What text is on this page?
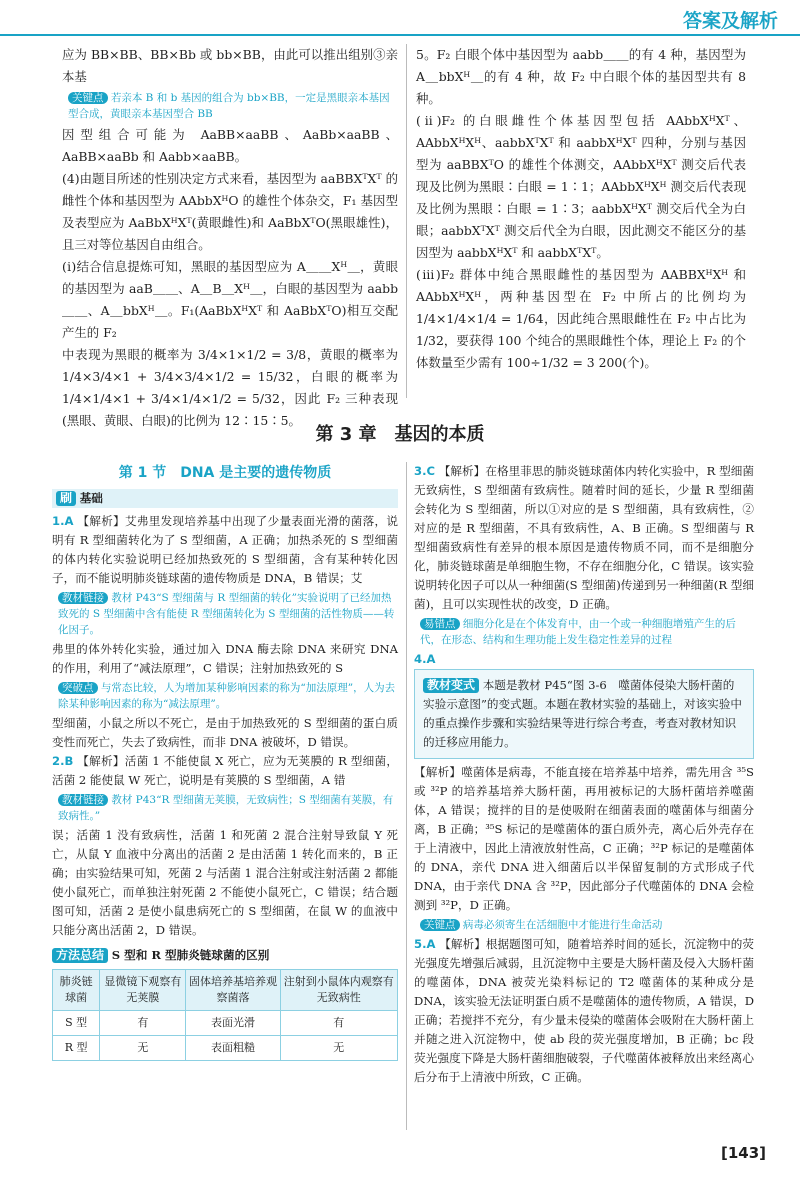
答案及解析

应为 BB×BB、BB×Bb 或 bb×BB，由此可以推出组别③亲本基

关键点 若亲本 B 和 b 基因的组合为 bb×BB，一定是黑眼亲本基因型合成，黄眼亲本基因型合 BB

因型组合可能为 AaBB×aaBB、AaBb×aaBB、AaBB×aaBb 和 Aabb×aaBB。

(4)由题目所述的性别决定方式来看，基因型为 aaBBXᵀXᵀ 的雌性个体和基因型为 AAbbXᴴO 的雄性个体杂交，F₁ 基因型及表型应为 AaBbXᴴXᵀ(黄眼雌性)和 AaBbXᵀO(黑眼雄性)，且三对等位基因自由组合。

(ⅰ)结合信息提炼可知，黑眼的基因型应为 A＿＿Xᴴ＿，黄眼的基因型为 aaB＿＿、A＿B＿Xᴴ＿，白眼的基因型为 aabb＿＿、A＿bbXᴴ＿。F₁(AaBbXᴴXᵀ 和 AaBbXᵀO)相互交配产生的 F₂

中表现为黑眼的概率为 3/4×1×1/2 = 3/8，黄眼的概率为 1/4×3/4×1 + 3/4×3/4×1/2 = 15/32，白眼的概率为 1/4×1/4×1 + 3/4×1/4×1/2 = 5/32，因此 F₂ 三种表现(黑眼、黄眼、白眼)的比例为 12∶15∶5。

5。F₂ 白眼个体中基因型为 aabb＿＿的有 4 种，基因型为 A＿bbXᴴ＿的有 4 种，故 F₂ 中白眼个体的基因型共有 8 种。

(ⅱ)F₂ 的白眼雌性个体基因型包括 AAbbXᴴXᵀ、AAbbXᴴXᴴ、aabbXᵀXᵀ 和 aabbXᴴXᵀ 四种，分别与基因型为 aaBBXᵀO 的雄性个体测交，AAbbXᴴXᵀ 测交后代表现及比例为黑眼∶白眼 = 1∶1；AAbbXᴴXᴴ 测交后代表现及比例为黑眼∶白眼 = 1∶3；aabbXᴴXᵀ 测交后代全为白眼；aabbXᵀXᵀ 测交后代全为白眼，因此测交不能区分的基因型为 aabbXᴴXᵀ 和 aabbXᵀXᵀ。

(ⅲ)F₂ 群体中纯合黑眼雌性的基因型为 AABBXᴴXᴴ 和 AAbbXᴴXᴴ，两种基因型在 F₂ 中所占的比例均为 1/4×1/4×1/4 = 1/64，因此纯合黑眼雌性在 F₂ 中占比为 1/32，要获得 100 个纯合的黑眼雌性个体，理论上 F₂ 的个体数量至少需有 100÷1/32 = 3 200(个)。

第 3 章　基因的本质
第 1 节　DNA 是主要的遗传物质
刷 基础

1.A 【解析】艾弗里发现培养基中出现了少量表面光滑的菌落，说明有 R 型细菌转化为了 S 型细菌，A 正确；加热杀死的 S 型细菌的体内转化实验说明已经加热致死的 S 型细菌，含有某种转化因子，而不能说明肺炎链球菌的遗传物质是 DNA，B 错误；艾

教材链接 教材 P43“S 型细菌与 R 型细菌的转化”实验说明了已经加热致死的 S 型细菌中含有能使 R 型细菌转化为 S 型细菌的活性物质——转化因子。

弗里的体外转化实验，通过加入 DNA 酶去除 DNA 来研究 DNA 的作用，利用了“减法原理”，C 错误；注射加热致死的 S

突破点 与常态比较，人为增加某种影响因素的称为“加法原理”，人为去除某种影响因素的称为“减法原理”。

型细菌，小鼠之所以不死亡，是由于加热致死的 S 型细菌的蛋白质变性而死亡，失去了致病性，而非 DNA 被破坏，D 错误。

2.B 【解析】活菌 1 不能使鼠 X 死亡，应为无荚膜的 R 型细菌，活菌 2 能使鼠 W 死亡，说明是有荚膜的 S 型细菌，A 错

教材链接 教材 P43“R 型细菌无荚膜，无致病性；S 型细菌有荚膜，有致病性。”

误；活菌 1 没有致病性，活菌 1 和死菌 2 混合注射导致鼠 Y 死亡，从鼠 Y 血液中分离出的活菌 2 是由活菌 1 转化而来的，B 正确；由实验结果可知，死菌 2 与活菌 1 混合注射或注射活菌 2 都能使小鼠死亡，而单独注射死菌 2 不能使小鼠死亡，C 错误；结合题图可知，活菌 2 是使小鼠患病死亡的 S 型细菌，在鼠 W 的血液中只能分离出活菌 2，D 错误。

方法总结 S 型和 R 型肺炎链球菌的区别
肺炎链球菌	显微镜下观察有无荚膜	固体培养基培养观察菌落	注射到小鼠体内观察有无致病性
S 型	有	表面光滑	有
R 型	无	表面粗糙	无

3.C 【解析】在格里菲思的肺炎链球菌体内转化实验中，R 型细菌无致病性，S 型细菌有致病性。随着时间的延长，少量 R 型细菌会转化为 S 型细菌，所以①对应的是 S 型细菌，具有致病性，②对应的是 R 型细菌，不具有致病性，A、B 正确。S 型细菌与 R 型细菌致病性有差异的根本原因是遗传物质不同，而不是细胞分化，肺炎链球菌是单细胞生物，不存在细胞分化，C 错误。该实验说明转化因子可以从一种细菌(S 型细菌)传递到另一种细菌(R 型细菌)，且可以实现性状的改变，D 正确。

易错点 细胞分化是在个体发育中，由一个或一种细胞增殖产生的后代，在形态、结构和生理功能上发生稳定性差异的过程

4.A

教材变式 本题是教材 P45“图 3-6　噬菌体侵染大肠杆菌的实验示意图”的变式题。本题在教材实验的基础上，对该实验中的重点操作步骤和实验结果等进行综合考查，考查对教材知识的迁移应用能力。

【解析】噬菌体是病毒，不能直接在培养基中培养，需先用含 ³⁵S 或 ³²P 的培养基培养大肠杆菌，再用被标记的大肠杆菌培养噬菌体，A 错误；搅拌的目的是使吸附在细菌表面的噬菌体与细菌分离，B 正确；³⁵S 标记的是噬菌体的蛋白质外壳，离心后外壳存在于上清液中，因此上清液放射性高，C 正确；³²P 标记的是噬菌体的 DNA，亲代 DNA 进入细菌后以半保留复制的方式形成子代 DNA，由于亲代 DNA 含 ³²P，因此部分子代噬菌体的 DNA 会检测到 ³²P，D 正确。

关键点 病毒必须寄生在活细胞中才能进行生命活动

5.A 【解析】根据题图可知，随着培养时间的延长，沉淀物中的荧光强度先增强后减弱，且沉淀物中主要是大肠杆菌及侵入大肠杆菌的噬菌体，DNA 被荧光染料标记的 T2 噬菌体的某种成分是 DNA，该实验无法证明蛋白质不是噬菌体的遗传物质，A 错误，D 正确；若搅拌不充分，有少量未侵染的噬菌体会吸附在大肠杆菌上并随之进入沉淀物中，使 ab 段的荧光强度增加，B 正确；bc 段荧光强度下降是大肠杆菌细胞破裂，子代噬菌体被释放出来经离心后分布于上清液中所致，C 正确。

[143]
